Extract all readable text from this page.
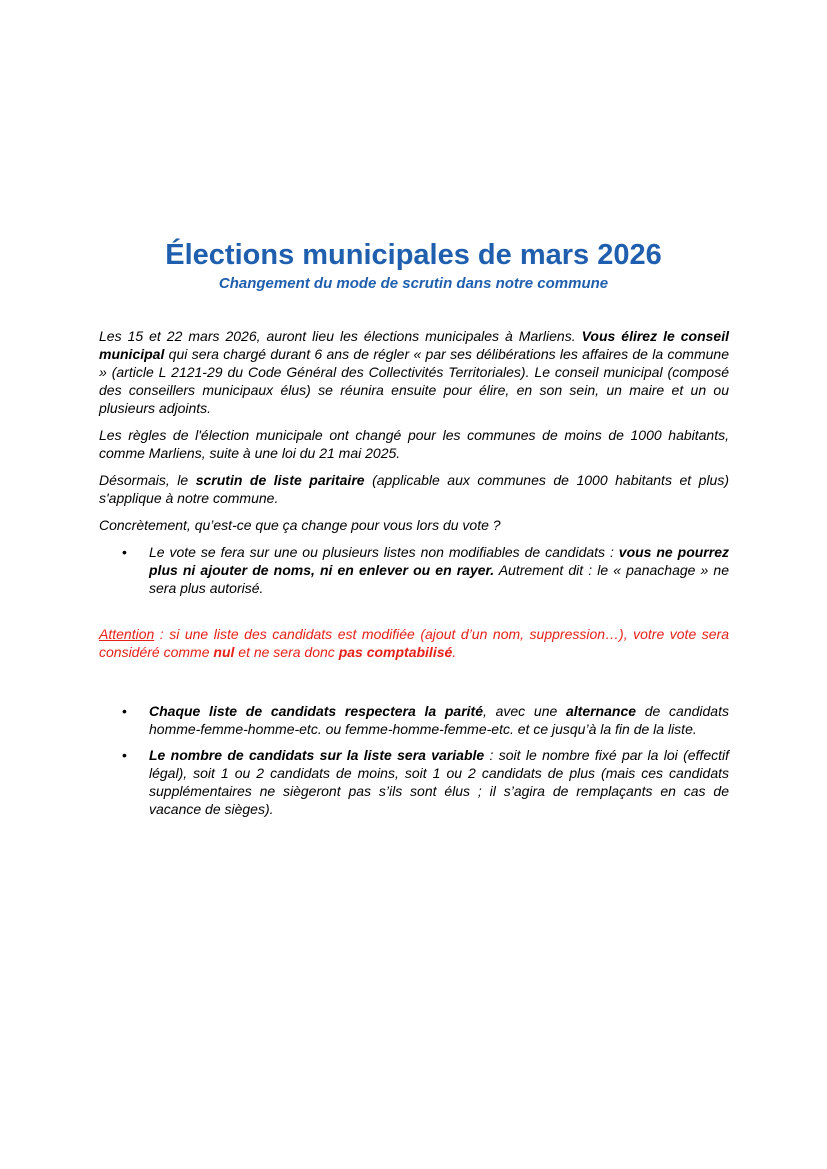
Élections municipales de mars 2026
Changement du mode de scrutin dans notre commune

Les 15 et 22 mars 2026, auront lieu les élections municipales à Marliens. Vous élirez le conseil municipal qui sera chargé durant 6 ans de régler « par ses délibérations les affaires de la commune » (article L 2121-29 du Code Général des Collectivités Territoriales). Le conseil municipal (composé des conseillers municipaux élus) se réunira ensuite pour élire, en son sein, un maire et un ou plusieurs adjoints.

Les règles de l'élection municipale ont changé pour les communes de moins de 1000 habitants, comme Marliens, suite à une loi du 21 mai 2025.

Désormais, le scrutin de liste paritaire (applicable aux communes de 1000 habitants et plus) s'applique à notre commune.

Concrètement, qu’est-ce que ça change pour vous lors du vote ?

• Le vote se fera sur une ou plusieurs listes non modifiables de candidats : vous ne pourrez plus ni ajouter de noms, ni en enlever ou en rayer. Autrement dit : le « panachage » ne sera plus autorisé.

Attention : si une liste des candidats est modifiée (ajout d’un nom, suppression…), votre vote sera considéré comme nul et ne sera donc pas comptabilisé.

• Chaque liste de candidats respectera la parité, avec une alternance de candidats homme-femme-homme-etc. ou femme-homme-femme-etc. et ce jusqu’à la fin de la liste.
• Le nombre de candidats sur la liste sera variable : soit le nombre fixé par la loi (effectif légal), soit 1 ou 2 candidats de moins, soit 1 ou 2 candidats de plus (mais ces candidats supplémentaires ne siègeront pas s’ils sont élus ; il s’agira de remplaçants en cas de vacance de sièges).
